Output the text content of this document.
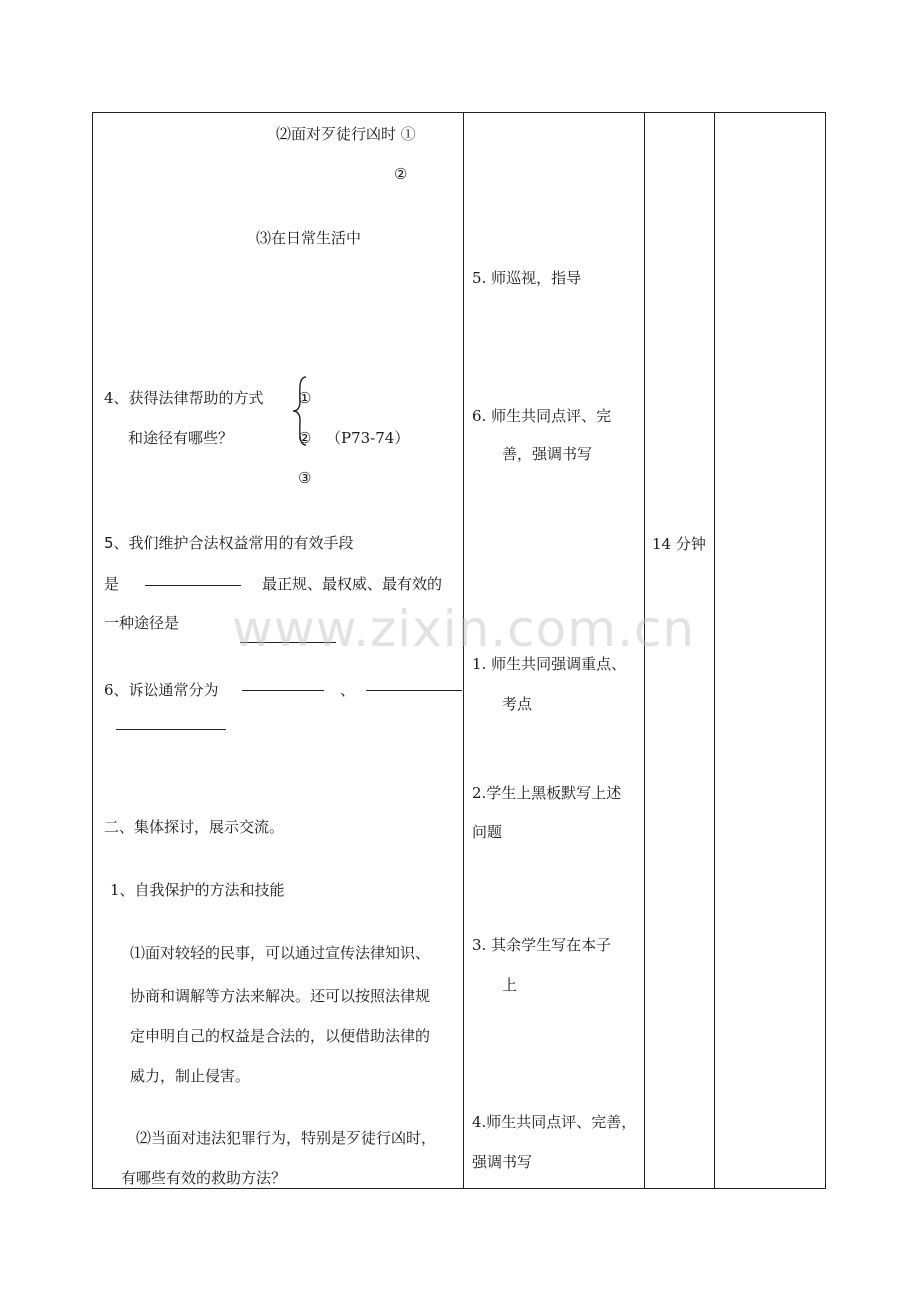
⑵面对歹徒行凶时 ①
②
⑶在日常生活中
4、获得法律帮助的方式
和途径有哪些？
①
② （P73-74）
③
5、我们维护合法权益常用的有效手段
是	最正规、最权威、最有效的
一种途径是
6、诉讼通常分为	、
二、集体探讨，展示交流。
1、自我保护的方法和技能
⑴面对较轻的民事，可以通过宣传法律知识、
协商和调解等方法来解决。还可以按照法律规
定申明自己的权益是合法的，以便借助法律的
威力，制止侵害。
⑵当面对违法犯罪行为，特别是歹徒行凶时，
有哪些有效的救助方法？
5. 师巡视，指导
6. 师生共同点评、完
善，强调书写
1. 师生共同强调重点、
考点
2.学生上黑板默写上述
问题
3. 其余学生写在本子
上
4.师生共同点评、完善，
强调书写
14 分钟
www.zixin.com.cn
